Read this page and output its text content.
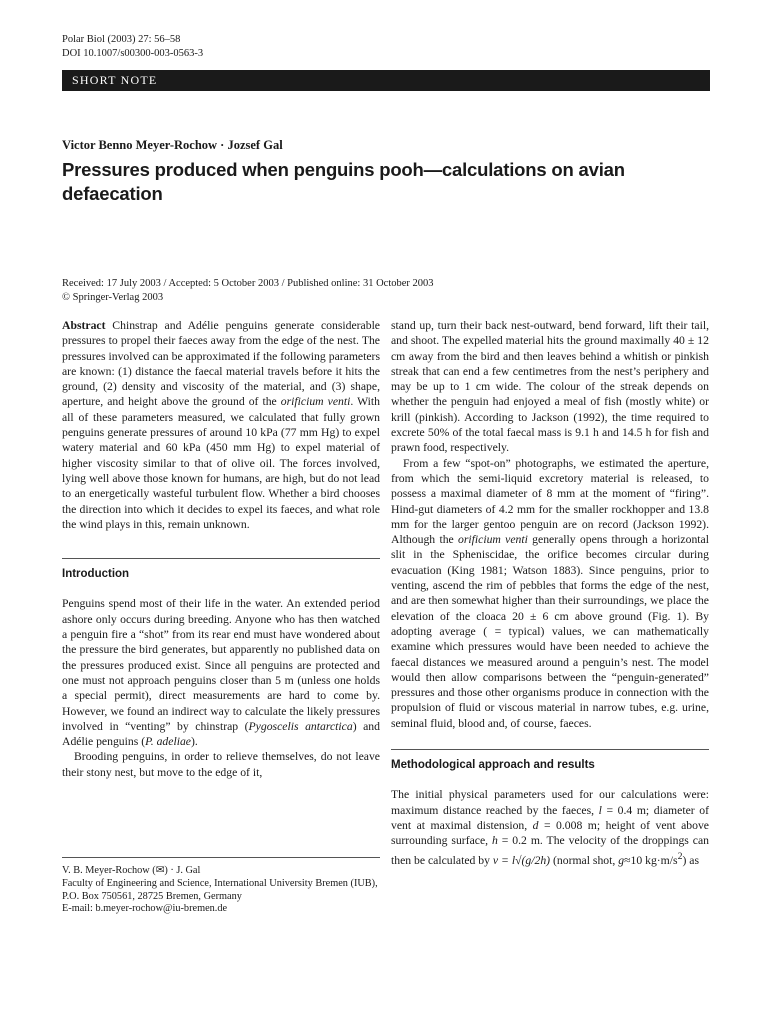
Polar Biol (2003) 27: 56–58
DOI 10.1007/s00300-003-0563-3
SHORT NOTE
Victor Benno Meyer-Rochow · Jozsef Gal
Pressures produced when penguins pooh—calculations on avian defaecation
Received: 17 July 2003 / Accepted: 5 October 2003 / Published online: 31 October 2003
© Springer-Verlag 2003

Abstract Chinstrap and Adélie penguins generate considerable pressures to propel their faeces away from the edge of the nest. The pressures involved can be approximated if the following parameters are known: (1) distance the faecal material travels before it hits the ground, (2) density and viscosity of the material, and (3) shape, aperture, and height above the ground of the orificium venti. With all of these parameters measured, we calculated that fully grown penguins generate pressures of around 10 kPa (77 mm Hg) to expel watery material and 60 kPa (450 mm Hg) to expel material of higher viscosity similar to that of olive oil. The forces involved, lying well above those known for humans, are high, but do not lead to an energetically wasteful turbulent flow. Whether a bird chooses the direction into which it decides to expel its faeces, and what role the wind plays in this, remain unknown.

Introduction

Penguins spend most of their life in the water. An extended period ashore only occurs during breeding. Anyone who has then watched a penguin fire a “shot” from its rear end must have wondered about the pressure the bird generates, but apparently no published data on the pressures produced exist. Since all penguins are protected and one must not approach penguins closer than 5 m (unless one holds a special permit), direct measurements are hard to come by. However, we found an indirect way to calculate the likely pressures involved in “venting” by chinstrap (Pygoscelis antarctica) and Adélie penguins (P. adeliae).

Brooding penguins, in order to relieve themselves, do not leave their stony nest, but move to the edge of it,

stand up, turn their back nest-outward, bend forward, lift their tail, and shoot. The expelled material hits the ground maximally 40 ± 12 cm away from the bird and then leaves behind a whitish or pinkish streak that can end a few centimetres from the nest’s periphery and may be up to 1 cm wide. The colour of the streak depends on whether the penguin had enjoyed a meal of fish (mostly white) or krill (pinkish). According to Jackson (1992), the time required to excrete 50% of the total faecal mass is 9.1 h and 14.5 h for fish and prawn food, respectively.

From a few “spot-on” photographs, we estimated the aperture, from which the semi-liquid excretory material is released, to possess a maximal diameter of 8 mm at the moment of “firing”. Hind-gut diameters of 4.2 mm for the smaller rockhopper and 13.8 mm for the larger gentoo penguin are on record (Jackson 1992). Although the orificium venti generally opens through a horizontal slit in the Spheniscidae, the orifice becomes circular during evacuation (King 1981; Watson 1883). Since penguins, prior to venting, ascend the rim of pebbles that forms the edge of the nest, and are then somewhat higher than their surroundings, we place the elevation of the cloaca 20 ± 6 cm above ground (Fig. 1). By adopting average ( = typical) values, we can mathematically examine which pressures would have been needed to achieve the faecal distances we measured around a penguin’s nest. The model would then allow comparisons between the “penguin-generated” pressures and those other organisms produce in connection with the propulsion of fluid or viscous material in narrow tubes, e.g. urine, seminal fluid, blood and, of course, faeces.

Methodological approach and results

The initial physical parameters used for our calculations were: maximum distance reached by the faeces, l = 0.4 m; diameter of vent at maximal distension, d = 0.008 m; height of vent above surrounding surface, h = 0.2 m. The velocity of the droppings can then be calculated by v = l√(g/2h) (normal shot, g≈10 $kg\cdot m/s^2$) as

V. B. Meyer-Rochow (✉) · J. Gal
Faculty of Engineering and Science, International University Bremen (IUB), P.O. Box 750561, 28725 Bremen, Germany
E-mail: b.meyer-rochow@iu-bremen.de
